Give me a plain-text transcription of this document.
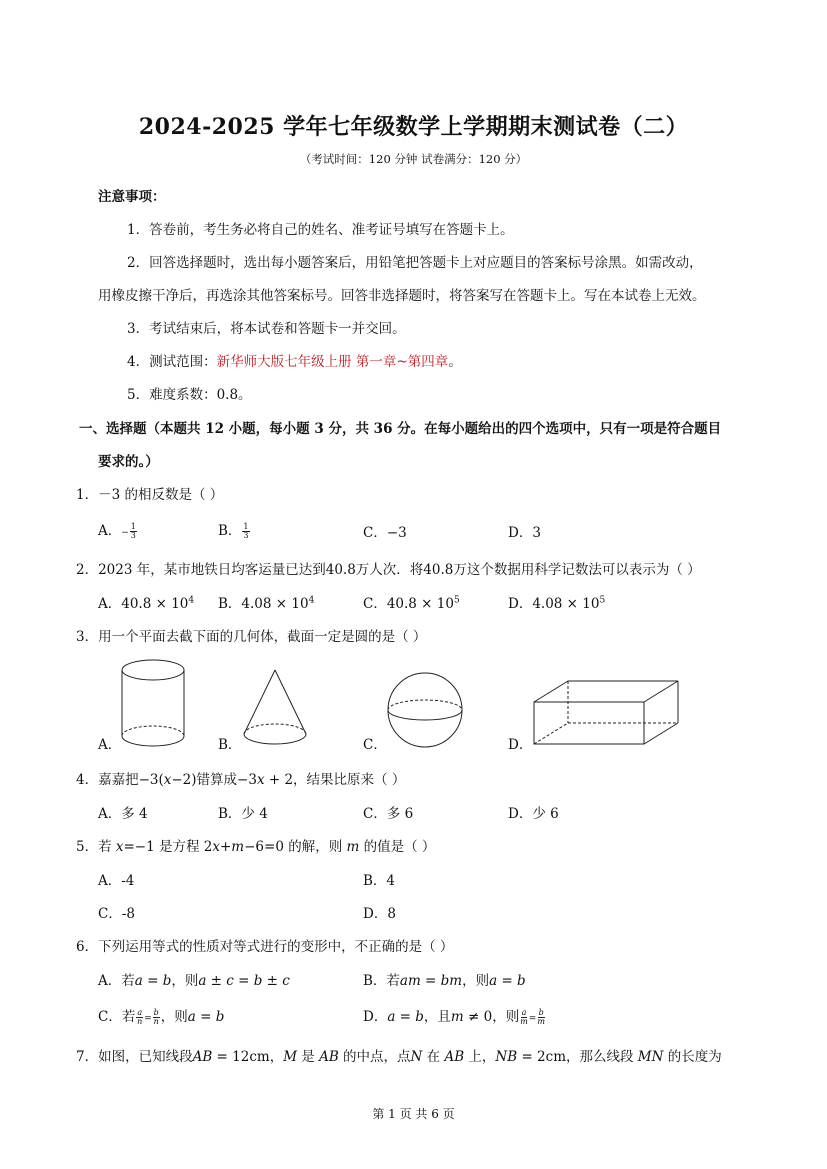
2024-2025 学年七年级数学上学期期末测试卷（二）
（考试时间：120 分钟 试卷满分：120 分）
注意事项：
1．答卷前，考生务必将自己的姓名、准考证号填写在答题卡上。
2．回答选择题时，选出每小题答案后，用铅笔把答题卡上对应题目的答案标号涂黑。如需改动，
用橡皮擦干净后，再选涂其他答案标号。回答非选择题时，将答案写在答题卡上。写在本试卷上无效。
3．考试结束后，将本试卷和答题卡一并交回。
4．测试范围：新华师大版七年级上册 第一章~第四章。
5．难度系数：0.8。
一、选择题（本题共 12 小题，每小题 3 分，共 36 分。在每小题给出的四个选项中，只有一项是符合题目
要求的。）
1．－3 的相反数是（ ）
A．− $\frac{1}{3}$	B． $\frac{1}{3}$	C．−3	D．3
2．2023 年，某市地铁日均客运量已达到40.8万人次．将40.8万这个数据用科学记数法可以表示为（ ）
A．$40.8 \times 10^4$ B．$4.08 \times 10^4$	C．$40.8 \times 10^5$	D．$4.08 \times 10^5$
3．用一个平面去截下面的几何体，截面一定是圆的是（ ）
A．	B．	C．	D．
4．嘉嘉把−3(𝑥−2)错算成−3𝑥 + 2，结果比原来（ ）
A．多 4	B．少 4	C．多 6	D．少 6
5．若 𝑥=−1 是方程 2𝑥+𝑚−6=0 的解，则 𝑚 的值是（ ）
A．-4	B．4
C．-8	D．8
6．下列运用等式的性质对等式进行的变形中，不正确的是（ ）
A．若𝑎 = 𝑏，则𝑎 ± 𝑐 = 𝑏 ± 𝑐	B．若𝑎𝑚 = 𝑏𝑚，则𝑎 = 𝑏
C．若 $\frac{\text{𝑎}}{\text{𝑛}} = \frac{\text{𝑏}}{\text{𝑛}}$ ，则𝑎 = 𝑏	D．𝑎 = 𝑏，且𝑚 ≠ 0，则 $\frac{\text{𝑎}}{\text{𝑚}} = \frac{\text{𝑏}}{\text{𝑚}}$
7．如图，已知线段𝐴𝐵 = 12cm，𝑀 是 𝐴𝐵 的中点，点𝑁 在 𝐴𝐵 上，𝑁𝐵 = 2cm，那么线段 𝑀𝑁 的长度为
第 1 页 共 6 页
